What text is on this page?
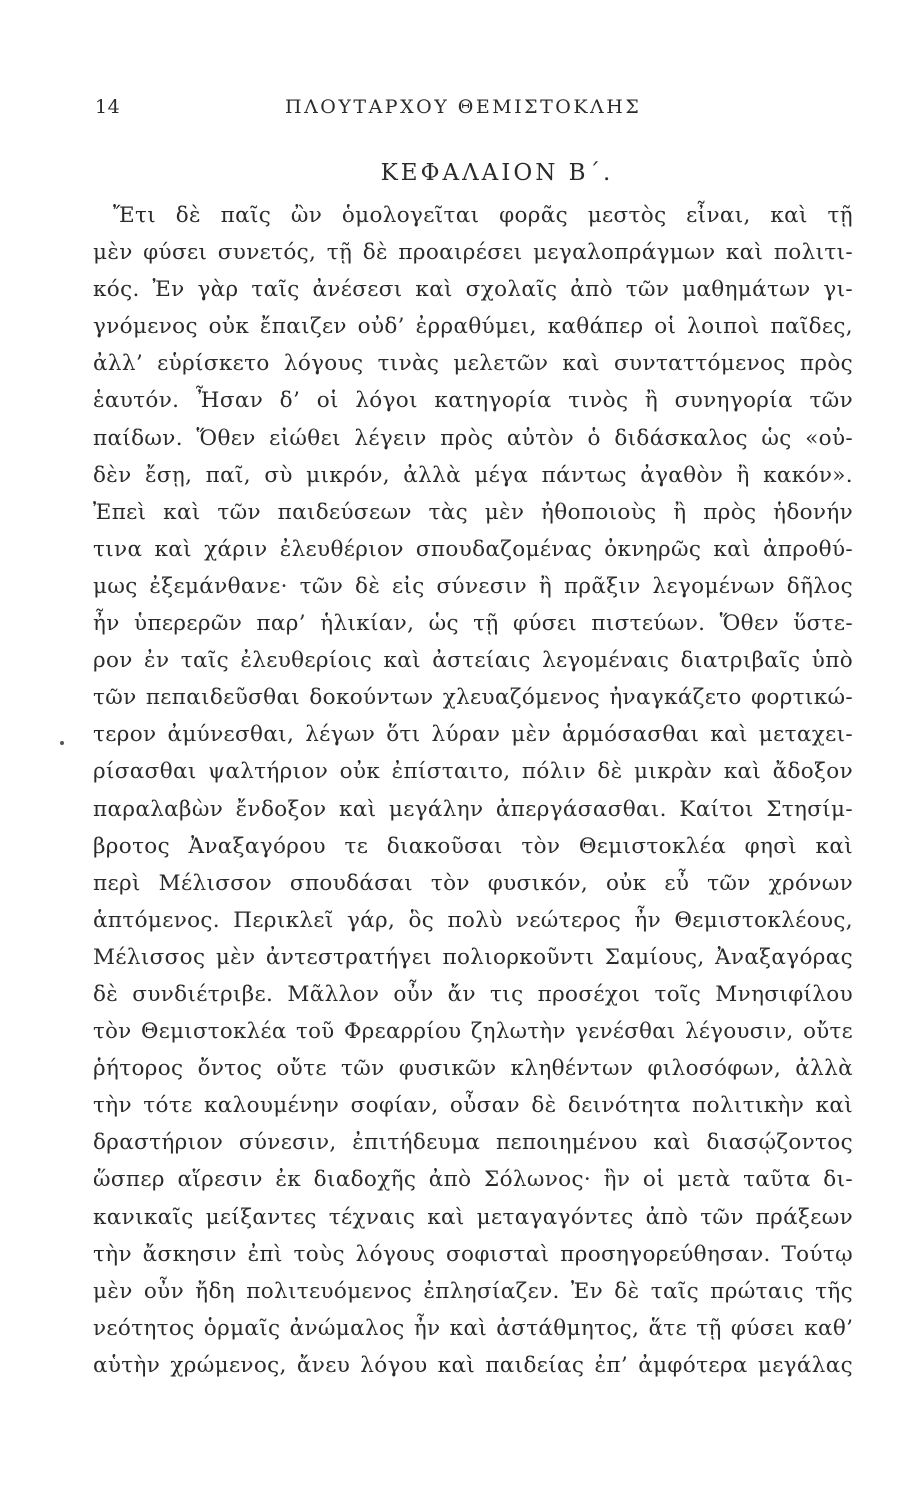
14	ΠΛΟΥΤΑΡΧΟΥ ΘΕΜΙΣΤΟΚΛΗΣ
ΚΕΦΑΛΑΙΟΝ Β΄.
Ἔτι δὲ παῖς ὢν ὁμολογεῖται φορᾶς μεστὸς εἶναι, καὶ τῇ
μὲν φύσει συνετός, τῇ δὲ προαιρέσει μεγαλοπράγμων καὶ πολιτι-
κός. Ἐν γὰρ ταῖς ἀνέσεσι καὶ σχολαῖς ἀπὸ τῶν μαθημάτων γι-
γνόμενος οὐκ ἔπαιζεν οὐδ’ ἐρραθύμει, καθάπερ οἱ λοιποὶ παῖδες,
ἀλλ’ εὑρίσκετο λόγους τινὰς μελετῶν καὶ συνταττόμενος πρὸς
ἑαυτόν. Ἦσαν δ’ οἱ λόγοι κατηγορία τινὸς ἢ συνηγορία τῶν
παίδων. Ὅθεν εἰώθει λέγειν πρὸς αὐτὸν ὁ διδάσκαλος ὡς «οὐ-
δὲν ἔσῃ, παῖ, σὺ μικρόν, ἀλλὰ μέγα πάντως ἀγαθὸν ἢ κακόν».
Ἐπεὶ καὶ τῶν παιδεύσεων τὰς μὲν ἠθοποιοὺς ἢ πρὸς ἡδονήν
τινα καὶ χάριν ἐλευθέριον σπουδαζομένας ὀκνηρῶς καὶ ἀπροθύ-
μως ἐξεμάνθανε· τῶν δὲ εἰς σύνεσιν ἢ πρᾶξιν λεγομένων δῆλος
ἦν ὑπερερῶν παρ’ ἡλικίαν, ὡς τῇ φύσει πιστεύων. Ὅθεν ὕστε-
ρον ἐν ταῖς ἐλευθερίοις καὶ ἀστείαις λεγομέναις διατριβαῖς ὑπὸ
τῶν πεπαιδεῦσθαι δοκούντων χλευαζόμενος ἠναγκάζετο φορτικώ-
τερον ἀμύνεσθαι, λέγων ὅτι λύραν μὲν ἁρμόσασθαι καὶ μεταχει-
ρίσασθαι ψαλτήριον οὐκ ἐπίσταιτο, πόλιν δὲ μικρὰν καὶ ἄδοξον
παραλαβὼν ἔνδοξον καὶ μεγάλην ἀπεργάσασθαι. Καίτοι Στησίμ-
βροτος Ἀναξαγόρου τε διακοῦσαι τὸν Θεμιστοκλέα φησὶ καὶ
περὶ Μέλισσον σπουδάσαι τὸν φυσικόν, οὐκ εὖ τῶν χρόνων
ἁπτόμενος. Περικλεῖ γάρ, ὃς πολὺ νεώτερος ἦν Θεμιστοκλέους,
Μέλισσος μὲν ἀντεστρατήγει πολιορκοῦντι Σαμίους, Ἀναξαγόρας
δὲ συνδιέτριβε. Μᾶλλον οὖν ἄν τις προσέχοι τοῖς Μνησιφίλου
τὸν Θεμιστοκλέα τοῦ Φρεαρρίου ζηλωτὴν γενέσθαι λέγουσιν, οὔτε
ῥήτορος ὄντος οὔτε τῶν φυσικῶν κληθέντων φιλοσόφων, ἀλλὰ
τὴν τότε καλουμένην σοφίαν, οὖσαν δὲ δεινότητα πολιτικὴν καὶ
δραστήριον σύνεσιν, ἐπιτήδευμα πεποιημένου καὶ διασῴζοντος
ὥσπερ αἵρεσιν ἐκ διαδοχῆς ἀπὸ Σόλωνος· ἣν οἱ μετὰ ταῦτα δι-
κανικαῖς μείξαντες τέχναις καὶ μεταγαγόντες ἀπὸ τῶν πράξεων
τὴν ἄσκησιν ἐπὶ τοὺς λόγους σοφισταὶ προσηγορεύθησαν. Τούτῳ
μὲν οὖν ἤδη πολιτευόμενος ἐπλησίαζεν. Ἐν δὲ ταῖς πρώταις τῆς
νεότητος ὁρμαῖς ἀνώμαλος ἦν καὶ ἀστάθμητος, ἅτε τῇ φύσει καθ’
αὑτὴν χρώμενος, ἄνευ λόγου καὶ παιδείας ἐπ’ ἀμφότερα μεγάλας
